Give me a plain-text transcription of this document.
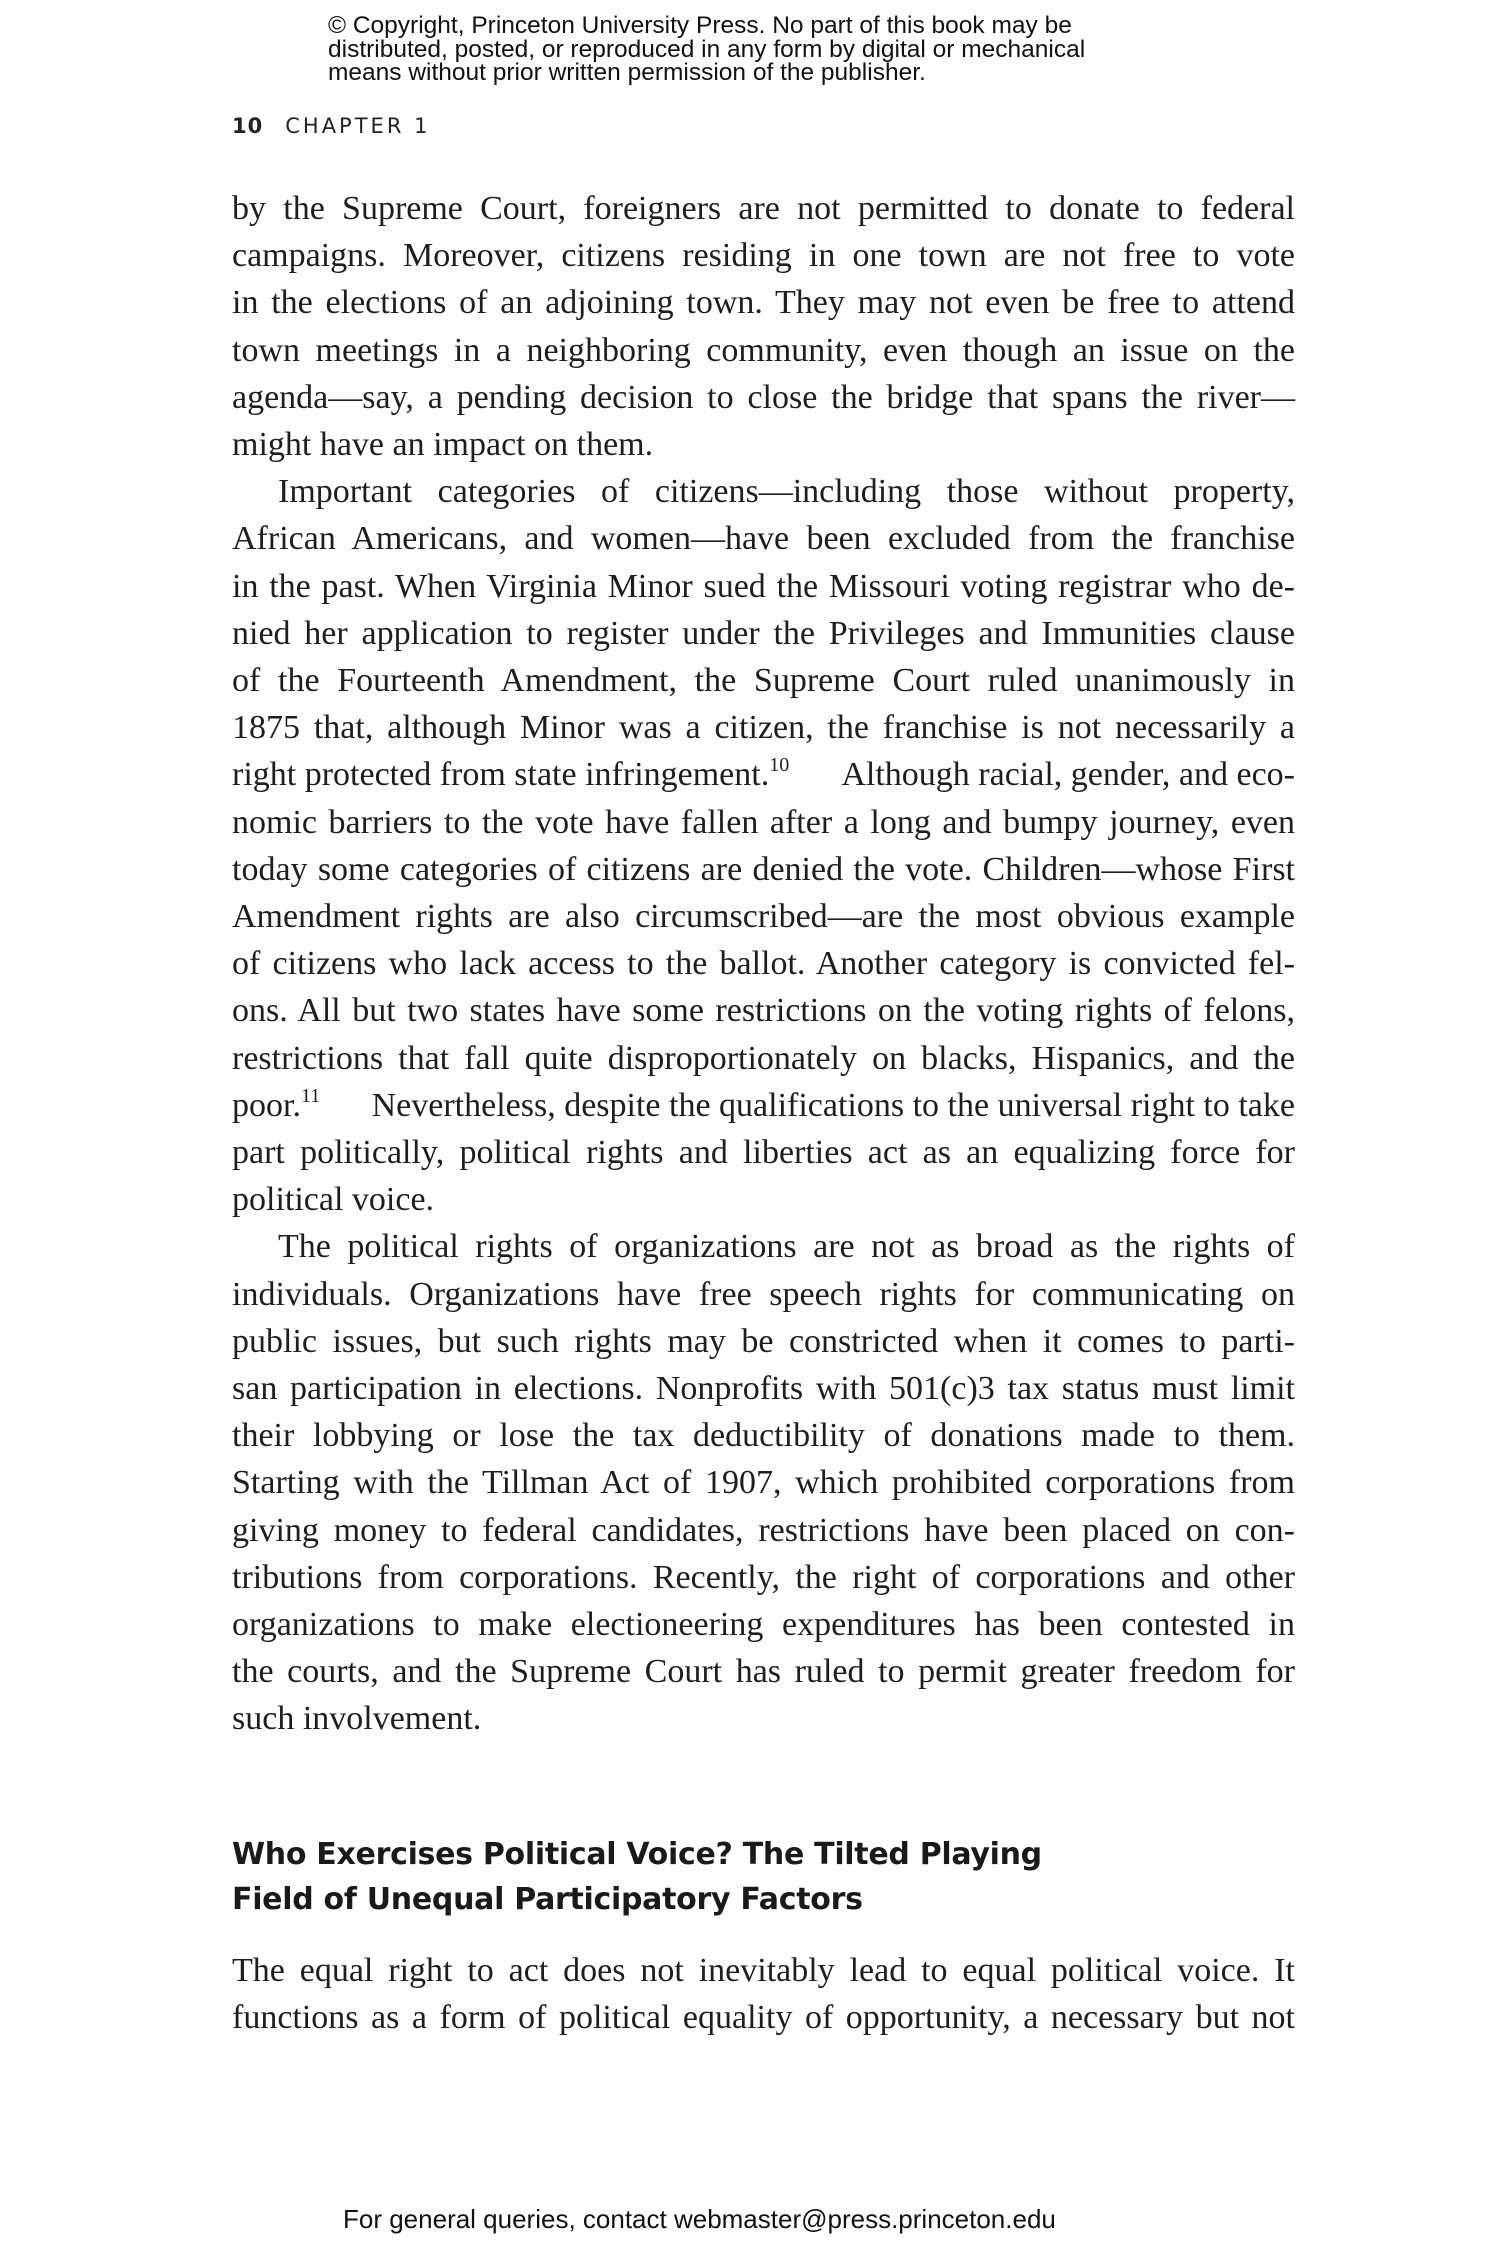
© Copyright, Princeton University Press. No part of this book may be
distributed, posted, or reproduced in any form by digital or mechanical
means without prior written permission of the publisher.
10 CHAPTER 1
by the Supreme Court, foreigners are not permitted to donate to federal
campaigns. Moreover, citizens residing in one town are not free to vote
in the elections of an adjoining town. They may not even be free to attend
town meetings in a neighboring community, even though an issue on the
agenda—say, a pending decision to close the bridge that spans the river—
might have an impact on them.
Important categories of citizens—including those without property,
African Americans, and women—have been excluded from the franchise
in the past. When Virginia Minor sued the Missouri voting registrar who de-
nied her application to register under the Privileges and Immunities clause
of the Fourteenth Amendment, the Supreme Court ruled unanimously in
1875 that, although Minor was a citizen, the franchise is not necessarily a
right protected from state infringement.$^{10}$ Although racial, gender, and eco-
nomic barriers to the vote have fallen after a long and bumpy journey, even
today some categories of citizens are denied the vote. Children—whose First
Amendment rights are also circumscribed—are the most obvious example
of citizens who lack access to the ballot. Another category is convicted fel-
ons. All but two states have some restrictions on the voting rights of felons,
restrictions that fall quite disproportionately on blacks, Hispanics, and the
poor.$^{11}$ Nevertheless, despite the qualifications to the universal right to take
part politically, political rights and liberties act as an equalizing force for
political voice.
The political rights of organizations are not as broad as the rights of
individuals. Organizations have free speech rights for communicating on
public issues, but such rights may be constricted when it comes to parti-
san participation in elections. Nonprofits with 501(c)3 tax status must limit
their lobbying or lose the tax deductibility of donations made to them.
Starting with the Tillman Act of 1907, which prohibited corporations from
giving money to federal candidates, restrictions have been placed on con-
tributions from corporations. Recently, the right of corporations and other
organizations to make electioneering expenditures has been contested in
the courts, and the Supreme Court has ruled to permit greater freedom for
such involvement.
Who Exercises Political Voice? The Tilted Playing
Field of Unequal Participatory Factors
The equal right to act does not inevitably lead to equal political voice. It
functions as a form of political equality of opportunity, a necessary but not
For general queries, contact webmaster@press.princeton.edu
